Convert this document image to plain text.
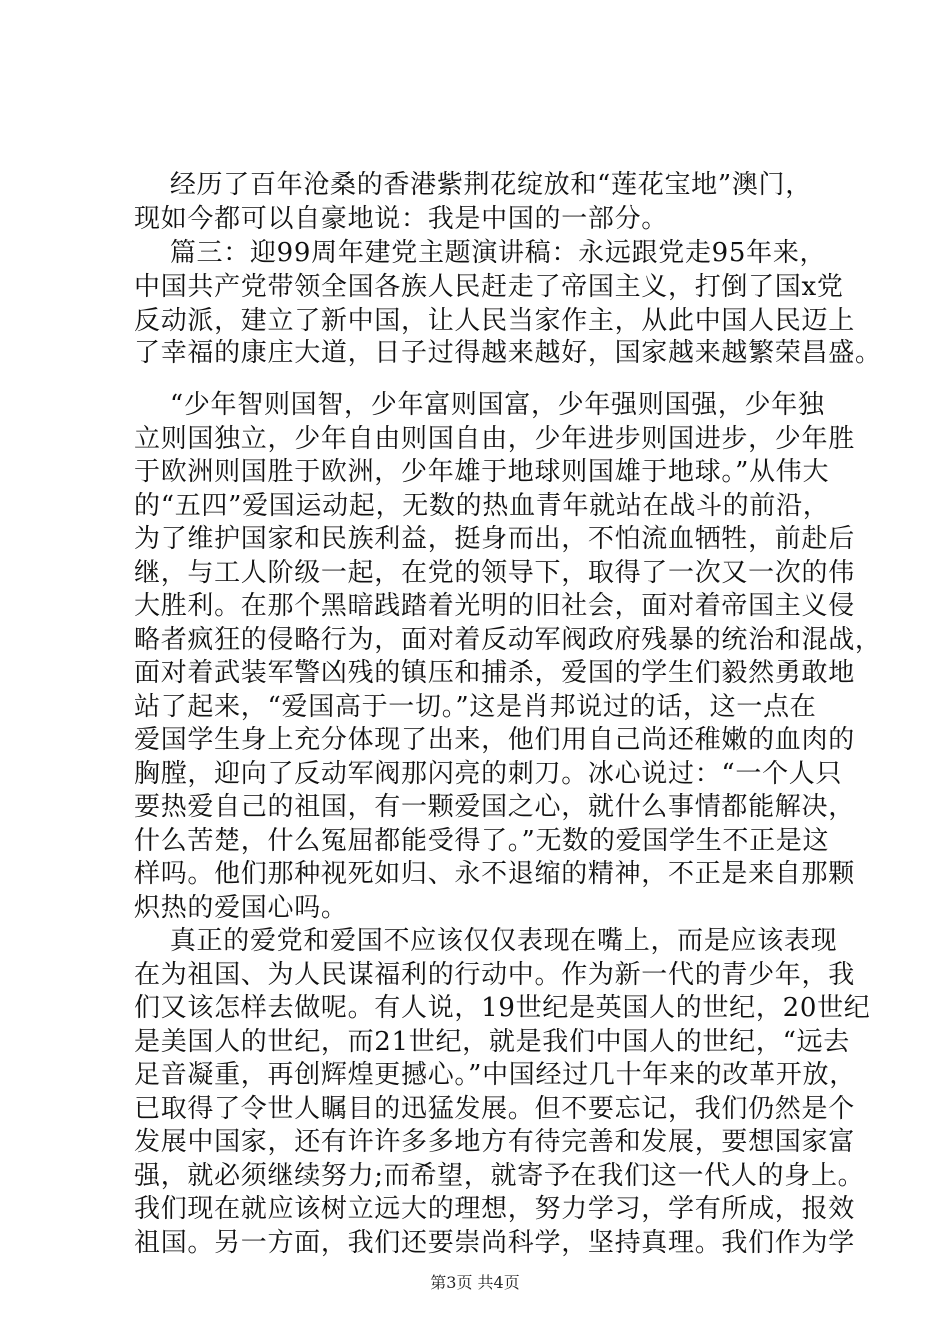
经历了百年沧桑的香港紫荆花绽放和“莲花宝地”澳门，
现如今都可以自豪地说：我是中国的一部分。
篇三：迎99周年建党主题演讲稿：永远跟党走95年来，
中国共产党带领全国各族人民赶走了帝国主义，打倒了国x党
反动派，建立了新中国，让人民当家作主，从此中国人民迈上
了幸福的康庄大道，日子过得越来越好，国家越来越繁荣昌盛。
“少年智则国智，少年富则国富，少年强则国强，少年独
立则国独立，少年自由则国自由，少年进步则国进步，少年胜
于欧洲则国胜于欧洲，少年雄于地球则国雄于地球。”从伟大
的“五四”爱国运动起，无数的热血青年就站在战斗的前沿，
为了维护国家和民族利益，挺身而出，不怕流血牺牲，前赴后
继，与工人阶级一起，在党的领导下，取得了一次又一次的伟
大胜利。在那个黑暗践踏着光明的旧社会，面对着帝国主义侵
略者疯狂的侵略行为，面对着反动军阀政府残暴的统治和混战，
面对着武装军警凶残的镇压和捕杀，爱国的学生们毅然勇敢地
站了起来，“爱国高于一切。”这是肖邦说过的话，这一点在
爱国学生身上充分体现了出来，他们用自己尚还稚嫩的血肉的
胸膛，迎向了反动军阀那闪亮的刺刀。冰心说过：“一个人只
要热爱自己的祖国，有一颗爱国之心，就什么事情都能解决，
什么苦楚，什么冤屈都能受得了。”无数的爱国学生不正是这
样吗。他们那种视死如归、永不退缩的精神，不正是来自那颗
炽热的爱国心吗。
真正的爱党和爱国不应该仅仅表现在嘴上，而是应该表现
在为祖国、为人民谋福利的行动中。作为新一代的青少年，我
们又该怎样去做呢。有人说，19世纪是英国人的世纪，20世纪
是美国人的世纪，而21世纪，就是我们中国人的世纪，“远去
足音凝重，再创辉煌更撼心。”中国经过几十年来的改革开放，
已取得了令世人瞩目的迅猛发展。但不要忘记，我们仍然是个
发展中国家，还有许许多多地方有待完善和发展，要想国家富
强，就必须继续努力;而希望，就寄予在我们这一代人的身上。
我们现在就应该树立远大的理想，努力学习，学有所成，报效
祖国。另一方面，我们还要崇尚科学，坚持真理。我们作为学
第3页 共4页
